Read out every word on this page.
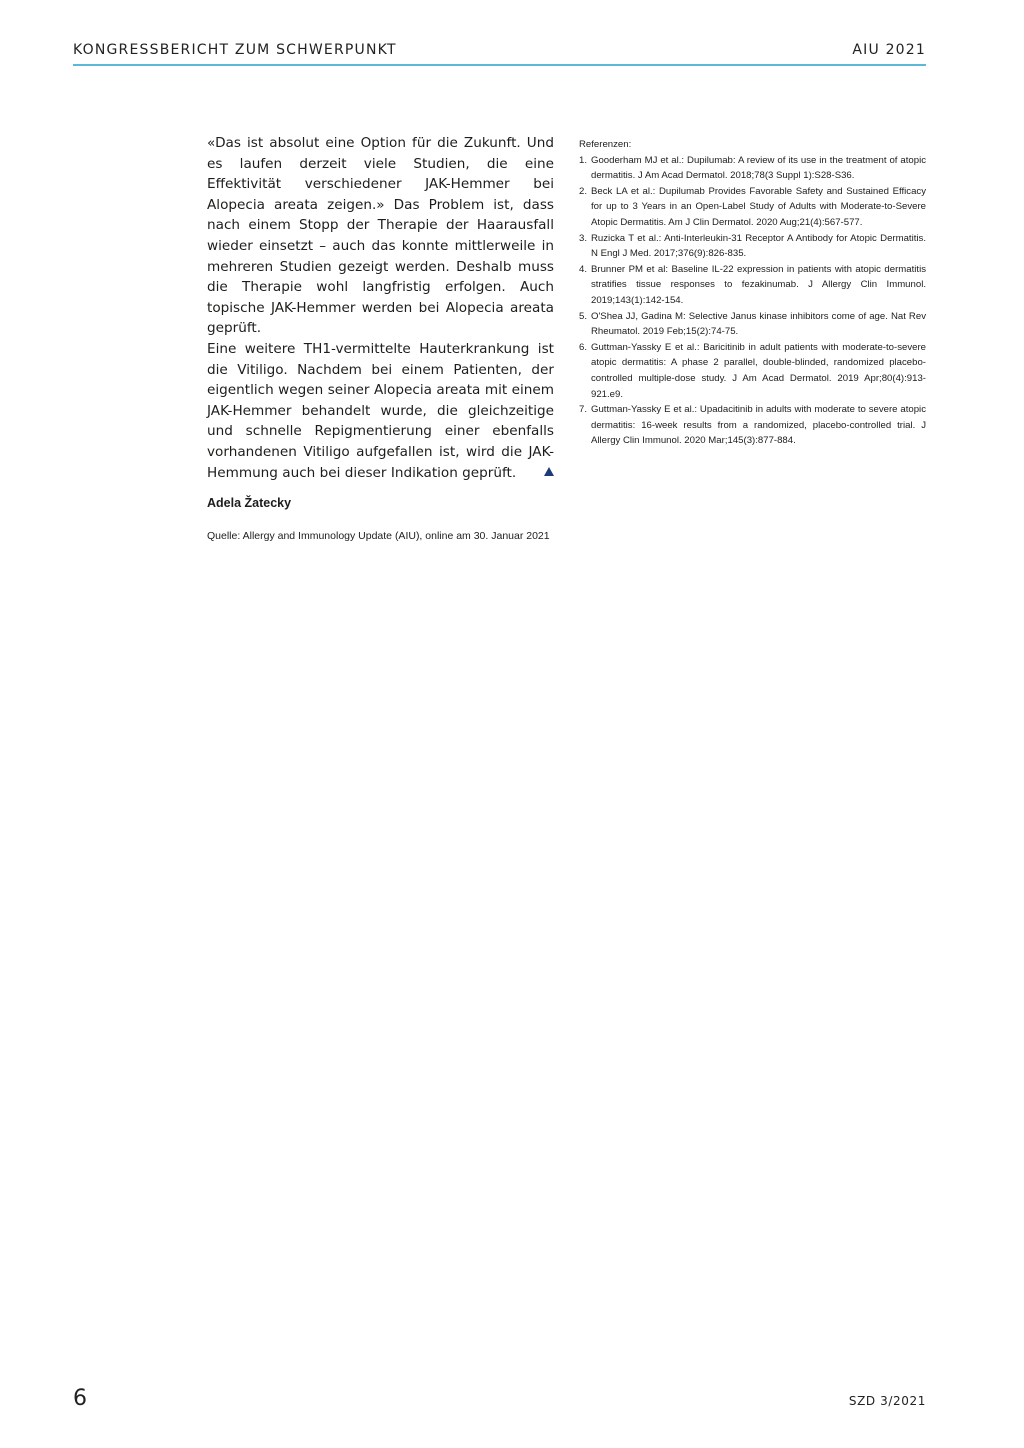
KONGRESSBERICHT ZUM SCHWERPUNKT	AIU 2021

«Das ist absolut eine Option für die Zukunft. Und es laufen derzeit viele Studien, die eine Effektivität verschiedener JAK-Hemmer bei Alopecia areata zeigen.» Das Problem ist, dass nach einem Stopp der Therapie der Haarausfall wieder einsetzt – auch das konnte mittlerweile in mehreren Studien gezeigt werden. Deshalb muss die Therapie wohl langfristig erfolgen. Auch topische JAK-Hemmer werden bei Alopecia areata geprüft.

Eine weitere TH1-vermittelte Hauterkrankung ist die Vitiligo. Nachdem bei einem Patienten, der eigentlich wegen seiner Alopecia areata mit einem JAK-Hemmer behandelt wurde, die gleichzeitige und schnelle Repigmentierung einer ebenfalls vorhandenen Vitiligo aufgefallen ist, wird die JAK-Hemmung auch bei dieser Indikation geprüft.

Adela Žatecky
Quelle: Allergy and Immunology Update (AIU), online am 30. Januar 2021
Referenzen:
1. Gooderham MJ et al.: Dupilumab: A review of its use in the treatment of atopic dermatitis. J Am Acad Dermatol. 2018;78(3 Suppl 1):S28-S36.
2. Beck LA et al.: Dupilumab Provides Favorable Safety and Sustained Efficacy for up to 3 Years in an Open-Label Study of Adults with Moderate-to-Severe Atopic Dermatitis. Am J Clin Dermatol. 2020 Aug;21(4):567-577.
3. Ruzicka T et al.: Anti-Interleukin-31 Receptor A Antibody for Atopic Dermatitis. N Engl J Med. 2017;376(9):826-835.
4. Brunner PM et al: Baseline IL-22 expression in patients with atopic dermatitis stratifies tissue responses to fezakinumab. J Allergy Clin Immunol. 2019;143(1):142-154.
5. O'Shea JJ, Gadina M: Selective Janus kinase inhibitors come of age. Nat Rev Rheumatol. 2019 Feb;15(2):74-75.
6. Guttman-Yassky E et al.: Baricitinib in adult patients with moderate-to-severe atopic dermatitis: A phase 2 parallel, double-blinded, randomized placebo-controlled multiple-dose study. J Am Acad Dermatol. 2019 Apr;80(4):913-921.e9.
7. Guttman-Yassky E et al.: Upadacitinib in adults with moderate to severe atopic dermatitis: 16-week results from a randomized, placebo-controlled trial. J Allergy Clin Immunol. 2020 Mar;145(3):877-884.
6	SZD 3/2021
